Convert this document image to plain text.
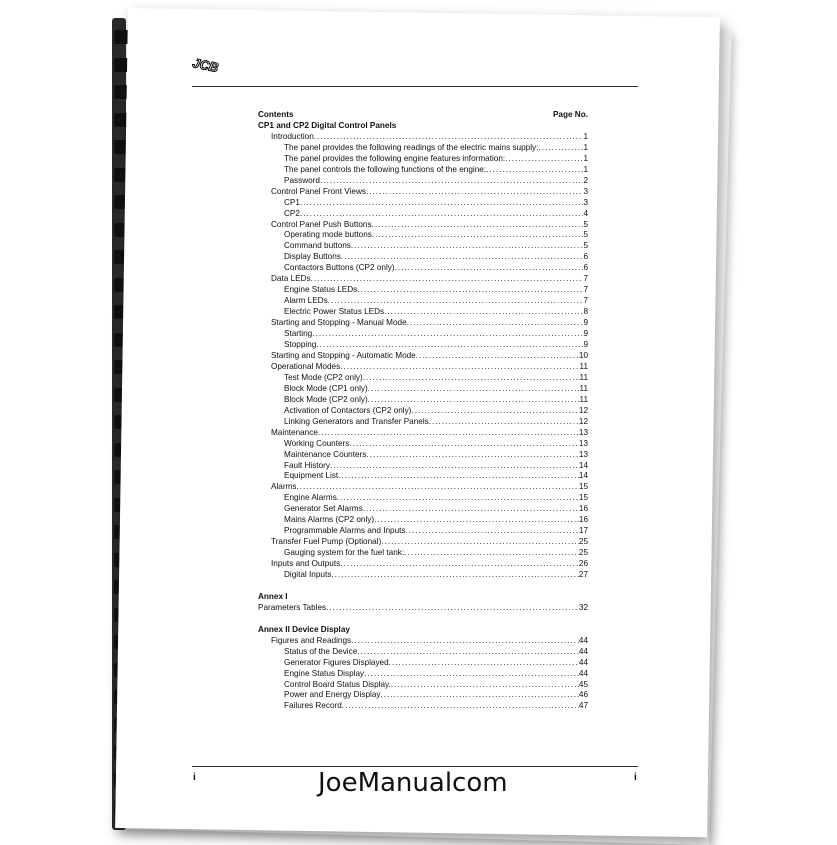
JCB
Contents	Page No.
CP1 and CP2 Digital Control Panels
Introduction .....	1
The panel provides the following readings of the electric mains supply: .....	1
The panel provides the following engine features information: .....	1
The panel controls the following functions of the engine: .....	1
Password .....	2
Control Panel Front Views .....	3
CP1 .....	3
CP2 .....	4
Control Panel Push Buttons .....	5
Operating mode buttons .....	5
Command buttons .....	5
Display Buttons .....	6
Contactors Buttons (CP2 only) .....	6
Data LEDs .....	7
Engine Status LEDs .....	7
Alarm LEDs .....	7
Electric Power Status LEDs .....	8
Starting and Stopping - Manual Mode .....	9
Starting .....	9
Stopping .....	9
Starting and Stopping - Automatic Mode .....	10
Operational Modes .....	11
Test Mode (CP2 only) .....	11
Block Mode (CP1 only) .....	11
Block Mode (CP2 only) .....	11
Activation of Contactors (CP2 only) .....	12
Linking Generators and Transfer Panels .....	12
Maintenance .....	13
Working Counters .....	13
Maintenance Counters .....	13
Fault History .....	14
Equipment List .....	14
Alarms .....	15
Engine Alarms .....	15
Generator Set Alarms .....	16
Mains Alarms (CP2 only) .....	16
Programmable Alarms and Inputs .....	17
Transfer Fuel Pump (Optional) .....	25
Gauging system for the fuel tank: .....	25
Inputs and Outputs .....	26
Digital Inputs .....	27
Annex I
Parameters Tables .....	32
Annex II Device Display
Figures and Readings .....	44
Status of the Device .....	44
Generator Figures Displayed .....	44
Engine Status Display .....	44
Control Board Status Display. .....	45
Power and Energy Display .....	46
Failures Record .....	47
i	i
JoeManualcom
